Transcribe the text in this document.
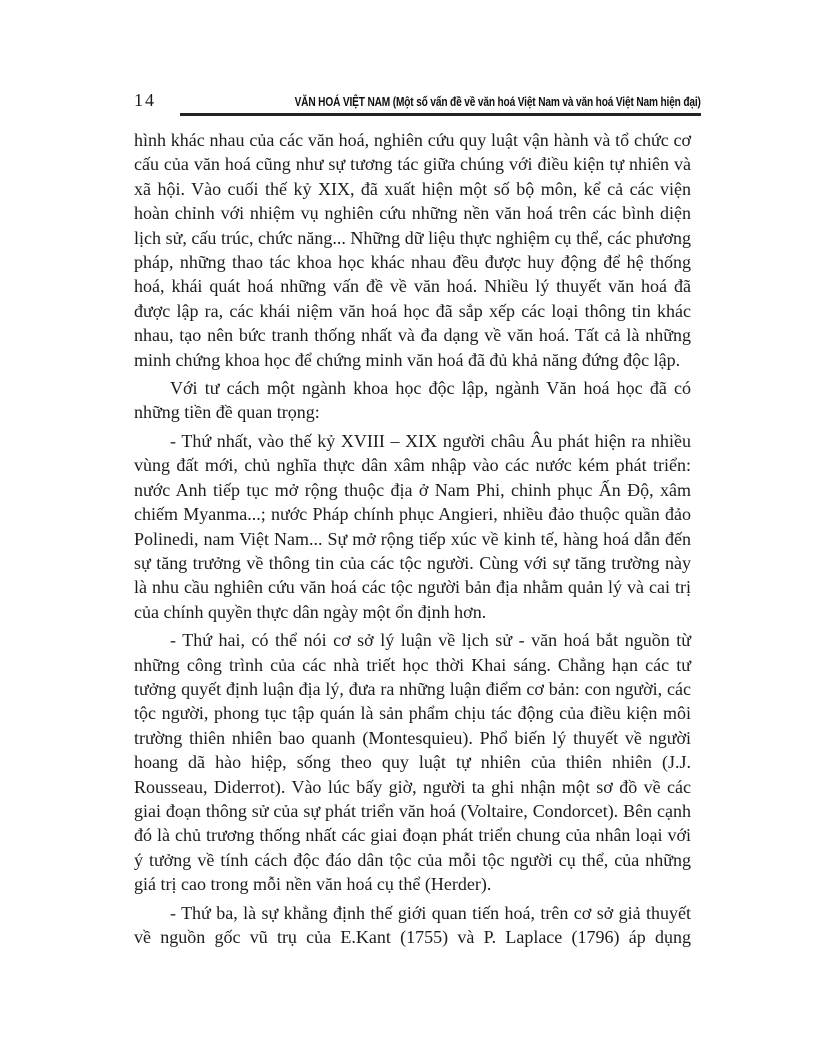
14	VĂN HOÁ VIỆT NAM (Một số vấn đề về văn hoá Việt Nam và văn hoá Việt Nam hiện đại)

hình khác nhau của các văn hoá, nghiên cứu quy luật vận hành và tổ chức cơ cấu của văn hoá cũng như sự tương tác giữa chúng với điều kiện tự nhiên và xã hội. Vào cuối thế kỷ XIX, đã xuất hiện một số bộ môn, kể cả các viện hoàn chỉnh với nhiệm vụ nghiên cứu những nền văn hoá trên các bình diện lịch sử, cấu trúc, chức năng... Những dữ liệu thực nghiệm cụ thể, các phương pháp, những thao tác khoa học khác nhau đều được huy động để hệ thống hoá, khái quát hoá những vấn đề về văn hoá. Nhiều lý thuyết văn hoá đã được lập ra, các khái niệm văn hoá học đã sắp xếp các loại thông tin khác nhau, tạo nên bức tranh thống nhất và đa dạng về văn hoá. Tất cả là những minh chứng khoa học để chứng minh văn hoá đã đủ khả năng đứng độc lập.

Với tư cách một ngành khoa học độc lập, ngành Văn hoá học đã có những tiền đề quan trọng:

- Thứ nhất, vào thế kỷ XVIII – XIX người châu Âu phát hiện ra nhiều vùng đất mới, chủ nghĩa thực dân xâm nhập vào các nước kém phát triển: nước Anh tiếp tục mở rộng thuộc địa ở Nam Phi, chinh phục Ấn Độ, xâm chiếm Myanma...; nước Pháp chính phục Angieri, nhiều đảo thuộc quần đảo Polinedi, nam Việt Nam... Sự mở rộng tiếp xúc về kinh tế, hàng hoá dẫn đến sự tăng trưởng về thông tin của các tộc người. Cùng với sự tăng trường này là nhu cầu nghiên cứu văn hoá các tộc người bản địa nhằm quản lý và cai trị của chính quyền thực dân ngày một ổn định hơn.

- Thứ hai, có thể nói cơ sở lý luận về lịch sử - văn hoá bắt nguồn từ những công trình của các nhà triết học thời Khai sáng. Chẳng hạn các tư tưởng quyết định luận địa lý, đưa ra những luận điểm cơ bản: con người, các tộc người, phong tục tập quán là sản phẩm chịu tác động của điều kiện môi trường thiên nhiên bao quanh (Montesquieu). Phổ biến lý thuyết về người hoang dã hào hiệp, sống theo quy luật tự nhiên của thiên nhiên (J.J. Rousseau, Diderrot). Vào lúc bấy giờ, người ta ghi nhận một sơ đồ về các giai đoạn thông sử của sự phát triển văn hoá (Voltaire, Condorcet). Bên cạnh đó là chủ trương thống nhất các giai đoạn phát triển chung của nhân loại với ý tưởng về tính cách độc đáo dân tộc của mỗi tộc người cụ thể, của những giá trị cao trong mỗi nền văn hoá cụ thể (Herder).

- Thứ ba, là sự khẳng định thế giới quan tiến hoá, trên cơ sở giả thuyết về nguồn gốc vũ trụ của E.Kant (1755) và P. Laplace (1796) áp dụng
